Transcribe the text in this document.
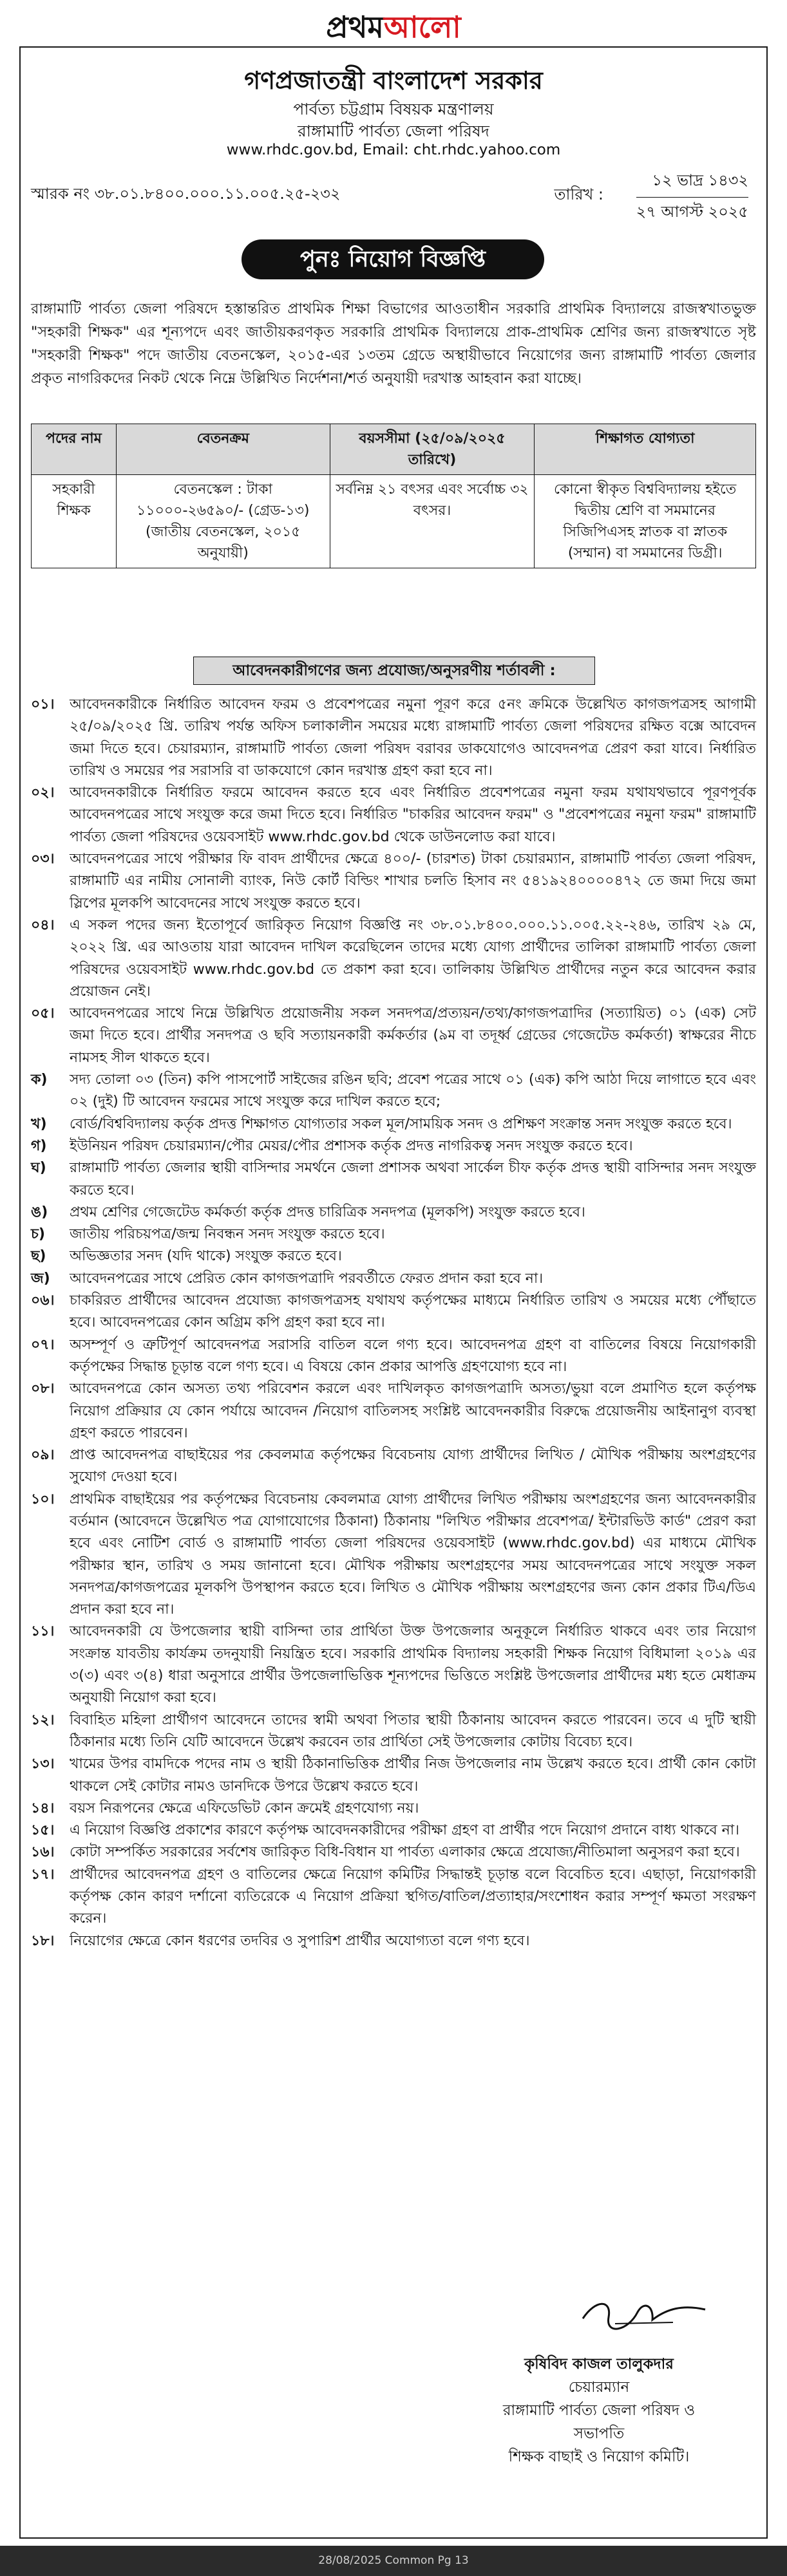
প্রথমআলো
গণপ্রজাতন্ত্রী বাংলাদেশ সরকার
পার্বত্য চট্টগ্রাম বিষয়ক মন্ত্রণালয়
রাঙ্গামাটি পার্বত্য জেলা পরিষদ
www.rhdc.gov.bd, Email: cht.rhdc.yahoo.com
স্মারক নং ৩৮.০১.৮৪০০.০০০.১১.০০৫.২৫-২৩২	তারিখ :
১২ ভাদ্র ১৪৩২
২৭ আগস্ট ২০২৫
পুনঃ নিয়োগ বিজ্ঞপ্তি
রাঙ্গামাটি পার্বত্য জেলা পরিষদে হস্তান্তরিত প্রাথমিক শিক্ষা বিভাগের আওতাধীন সরকারি প্রাথমিক বিদ্যালয়ে রাজস্বখাতভুক্ত "সহকারী শিক্ষক" এর শূন্যপদে এবং জাতীয়করণকৃত সরকারি প্রাথমিক বিদ্যালয়ে প্রাক-প্রাথমিক শ্রেণির জন্য রাজস্বখাতে সৃষ্ট "সহকারী শিক্ষক" পদে জাতীয় বেতনস্কেল, ২০১৫-এর ১৩তম গ্রেডে অস্থায়ীভাবে নিয়োগের জন্য রাঙ্গামাটি পার্বত্য জেলার প্রকৃত নাগরিকদের নিকট থেকে নিম্নে উল্লিখিত নির্দেশনা/শর্ত অনুযায়ী দরখাস্ত আহবান করা যাচ্ছে।
পদের নাম	বেতনক্রম	বয়সসীমা (২৫/০৯/২০২৫ তারিখে)	শিক্ষাগত যোগ্যতা
সহকারী শিক্ষক	বেতনস্কেল : টাকা ১১০০০-২৬৫৯০/- (গ্রেড-১৩) (জাতীয় বেতনস্কেল, ২০১৫ অনুযায়ী)	সর্বনিম্ন ২১ বৎসর এবং সর্বোচ্চ ৩২ বৎসর।	কোনো স্বীকৃত বিশ্ববিদ্যালয় হইতে দ্বিতীয় শ্রেণি বা সমমানের সিজিপিএসহ স্নাতক বা স্নাতক (সম্মান) বা সমমানের ডিগ্রী।
আবেদনকারীগণের জন্য প্রযোজ্য/অনুসরণীয় শর্তাবলী :

০১। আবেদনকারীকে নির্ধারিত আবেদন ফরম ও প্রবেশপত্রের নমুনা পূরণ করে ৫নং ক্রমিকে উল্লেখিত কাগজপত্রসহ আগামী ২৫/০৯/২০২৫ খ্রি. তারিখ পর্যন্ত অফিস চলাকালীন সময়ের মধ্যে রাঙ্গামাটি পার্বত্য জেলা পরিষদের রক্ষিত বক্সে আবেদন জমা দিতে হবে। চেয়ারম্যান, রাঙ্গামাটি পার্বত্য জেলা পরিষদ বরাবর ডাকযোগেও আবেদনপত্র প্রেরণ করা যাবে। নির্ধারিত তারিখ ও সময়ের পর সরাসরি বা ডাকযোগে কোন দরখাস্ত গ্রহণ করা হবে না।

০২। আবেদনকারীকে নির্ধারিত ফরমে আবেদন করতে হবে এবং নির্ধারিত প্রবেশপত্রের নমুনা ফরম যথাযথভাবে পূরণপূর্বক আবেদনপত্রের সাথে সংযুক্ত করে জমা দিতে হবে। নির্ধারিত "চাকরির আবেদন ফরম" ও "প্রবেশপত্রের নমুনা ফরম" রাঙ্গামাটি পার্বত্য জেলা পরিষদের ওয়েবসাইট www.rhdc.gov.bd থেকে ডাউনলোড করা যাবে।

০৩। আবেদনপত্রের সাথে পরীক্ষার ফি বাবদ প্রার্থীদের ক্ষেত্রে ৪০০/- (চারশত) টাকা চেয়ারম্যান, রাঙ্গামাটি পার্বত্য জেলা পরিষদ, রাঙ্গামাটি এর নামীয় সোনালী ব্যাংক, নিউ কোর্ট বিল্ডিং শাখার চলতি হিসাব নং ৫৪১৯২৪০০০০৪৭২ তে জমা দিয়ে জমা স্লিপের মূলকপি আবেদনের সাথে সংযুক্ত করতে হবে।

০৪। এ সকল পদের জন্য ইতোপূর্বে জারিকৃত নিয়োগ বিজ্ঞপ্তি নং ৩৮.০১.৮৪০০.০০০.১১.০০৫.২২-২৪৬, তারিখ ২৯ মে, ২০২২ খ্রি. এর আওতায় যারা আবেদন দাখিল করেছিলেন তাদের মধ্যে যোগ্য প্রার্থীদের তালিকা রাঙ্গামাটি পার্বত্য জেলা পরিষদের ওয়েবসাইট www.rhdc.gov.bd তে প্রকাশ করা হবে। তালিকায় উল্লিখিত প্রার্থীদের নতুন করে আবেদন করার প্রয়োজন নেই।

০৫। আবেদনপত্রের সাথে নিম্নে উল্লিখিত প্রয়োজনীয় সকল সনদপত্র/প্রত্যয়ন/তথ্য/কাগজপত্রাদির (সত্যায়িত) ০১ (এক) সেট জমা দিতে হবে। প্রার্থীর সনদপত্র ও ছবি সত্যায়নকারী কর্মকর্তার (৯ম বা তদূর্ধ্ব গ্রেডের গেজেটেড কর্মকর্তা) স্বাক্ষরের নীচে নামসহ সীল থাকতে হবে।

ক) সদ্য তোলা ০৩ (তিন) কপি পাসপোর্ট সাইজের রঙিন ছবি; প্রবেশ পত্রের সাথে ০১ (এক) কপি আঠা দিয়ে লাগাতে হবে এবং ০২ (দুই) টি আবেদন ফরমের সাথে সংযুক্ত করে দাখিল করতে হবে;

খ) বোর্ড/বিশ্ববিদ্যালয় কর্তৃক প্রদত্ত শিক্ষাগত যোগ্যতার সকল মূল/সাময়িক সনদ ও প্রশিক্ষণ সংক্রান্ত সনদ সংযুক্ত করতে হবে।

গ) ইউনিয়ন পরিষদ চেয়ারম্যান/পৌর মেয়র/পৌর প্রশাসক কর্তৃক প্রদত্ত নাগরিকত্ব সনদ সংযুক্ত করতে হবে।

ঘ) রাঙ্গামাটি পার্বত্য জেলার স্থায়ী বাসিন্দার সমর্থনে জেলা প্রশাসক অথবা সার্কেল চীফ কর্তৃক প্রদত্ত স্থায়ী বাসিন্দার সনদ সংযুক্ত করতে হবে।

ঙ) প্রথম শ্রেণির গেজেটেড কর্মকর্তা কর্তৃক প্রদত্ত চারিত্রিক সনদপত্র (মূলকপি) সংযুক্ত করতে হবে।

চ) জাতীয় পরিচয়পত্র/জন্ম নিবন্ধন সনদ সংযুক্ত করতে হবে।

ছ) অভিজ্ঞতার সনদ (যদি থাকে) সংযুক্ত করতে হবে।

জ) আবেদনপত্রের সাথে প্রেরিত কোন কাগজপত্রাদি পরবর্তীতে ফেরত প্রদান করা হবে না।

০৬। চাকরিরত প্রার্থীদের আবেদন প্রযোজ্য কাগজপত্রসহ যথাযথ কর্তৃপক্ষের মাধ্যমে নির্ধারিত তারিখ ও সময়ের মধ্যে পৌঁছাতে হবে। আবেদনপত্রের কোন অগ্রিম কপি গ্রহণ করা হবে না।

০৭। অসম্পূর্ণ ও ত্রুটিপূর্ণ আবেদনপত্র সরাসরি বাতিল বলে গণ্য হবে। আবেদনপত্র গ্রহণ বা বাতিলের বিষয়ে নিয়োগকারী কর্তৃপক্ষের সিদ্ধান্ত চূড়ান্ত বলে গণ্য হবে। এ বিষয়ে কোন প্রকার আপত্তি গ্রহণযোগ্য হবে না।

০৮। আবেদনপত্রে কোন অসত্য তথ্য পরিবেশন করলে এবং দাখিলকৃত কাগজপত্রাদি অসত্য/ভুয়া বলে প্রমাণিত হলে কর্তৃপক্ষ নিয়োগ প্রক্রিয়ার যে কোন পর্যায়ে আবেদন /নিয়োগ বাতিলসহ সংশ্লিষ্ট আবেদনকারীর বিরুদ্ধে প্রয়োজনীয় আইনানুগ ব্যবস্থা গ্রহণ করতে পারবেন।

০৯। প্রাপ্ত আবেদনপত্র বাছাইয়ের পর কেবলমাত্র কর্তৃপক্ষের বিবেচনায় যোগ্য প্রার্থীদের লিখিত / মৌখিক পরীক্ষায় অংশগ্রহণের সুযোগ দেওয়া হবে।

১০। প্রাথমিক বাছাইয়ের পর কর্তৃপক্ষের বিবেচনায় কেবলমাত্র যোগ্য প্রার্থীদের লিখিত পরীক্ষায় অংশগ্রহণের জন্য আবেদনকারীর বর্তমান (আবেদনে উল্লেখিত পত্র যোগাযোগের ঠিকানা) ঠিকানায় "লিখিত পরীক্ষার প্রবেশপত্র/ ইন্টারভিউ কার্ড" প্রেরণ করা হবে এবং নোটিশ বোর্ড ও রাঙ্গামাটি পার্বত্য জেলা পরিষদের ওয়েবসাইট (www.rhdc.gov.bd) এর মাধ্যমে মৌখিক পরীক্ষার স্থান, তারিখ ও সময় জানানো হবে। মৌখিক পরীক্ষায় অংশগ্রহণের সময় আবেদনপত্রের সাথে সংযুক্ত সকল সনদপত্র/কাগজপত্রের মূলকপি উপস্থাপন করতে হবে। লিখিত ও মৌখিক পরীক্ষায় অংশগ্রহণের জন্য কোন প্রকার টিএ/ডিএ প্রদান করা হবে না।

১১। আবেদনকারী যে উপজেলার স্থায়ী বাসিন্দা তার প্রার্থিতা উক্ত উপজেলার অনুকূলে নির্ধারিত থাকবে এবং তার নিয়োগ সংক্রান্ত যাবতীয় কার্যক্রম তদনুযায়ী নিয়ন্ত্রিত হবে। সরকারি প্রাথমিক বিদ্যালয় সহকারী শিক্ষক নিয়োগ বিধিমালা ২০১৯ এর ৩(৩) এবং ৩(৪) ধারা অনুসারে প্রার্থীর উপজেলাভিত্তিক শূন্যপদের ভিত্তিতে সংশ্লিষ্ট উপজেলার প্রার্থীদের মধ্য হতে মেধাক্রম অনুযায়ী নিয়োগ করা হবে।

১২। বিবাহিত মহিলা প্রার্থীগণ আবেদনে তাদের স্বামী অথবা পিতার স্থায়ী ঠিকানায় আবেদন করতে পারবেন। তবে এ দুটি স্থায়ী ঠিকানার মধ্যে তিনি যেটি আবেদনে উল্লেখ করবেন তার প্রার্থিতা সেই উপজেলার কোটায় বিবেচ্য হবে।

১৩। খামের উপর বামদিকে পদের নাম ও স্থায়ী ঠিকানাভিত্তিক প্রার্থীর নিজ উপজেলার নাম উল্লেখ করতে হবে। প্রার্থী কোন কোটা থাকলে সেই কোটার নামও ডানদিকে উপরে উল্লেখ করতে হবে।

১৪। বয়স নিরূপনের ক্ষেত্রে এফিডেভিট কোন ক্রমেই গ্রহণযোগ্য নয়।

১৫। এ নিয়োগ বিজ্ঞপ্তি প্রকাশের কারণে কর্তৃপক্ষ আবেদনকারীদের পরীক্ষা গ্রহণ বা প্রার্থীর পদে নিয়োগ প্রদানে বাধ্য থাকবে না।

১৬। কোটা সম্পর্কিত সরকারের সর্বশেষ জারিকৃত বিধি-বিধান যা পার্বত্য এলাকার ক্ষেত্রে প্রযোজ্য/নীতিমালা অনুসরণ করা হবে।

১৭। প্রার্থীদের আবেদনপত্র গ্রহণ ও বাতিলের ক্ষেত্রে নিয়োগ কমিটির সিদ্ধান্তই চূড়ান্ত বলে বিবেচিত হবে। এছাড়া, নিয়োগকারী কর্তৃপক্ষ কোন কারণ দর্শানো ব্যতিরেকে এ নিয়োগ প্রক্রিয়া স্থগিত/বাতিল/প্রত্যাহার/সংশোধন করার সম্পূর্ণ ক্ষমতা সংরক্ষণ করেন।

১৮। নিয়োগের ক্ষেত্রে কোন ধরণের তদবির ও সুপারিশ প্রার্থীর অযোগ্যতা বলে গণ্য হবে।

কৃষিবিদ কাজল তালুকদার
চেয়ারম্যান
রাঙ্গামাটি পার্বত্য জেলা পরিষদ ও
সভাপতি
শিক্ষক বাছাই ও নিয়োগ কমিটি।
28/08/2025 Common Pg 13
